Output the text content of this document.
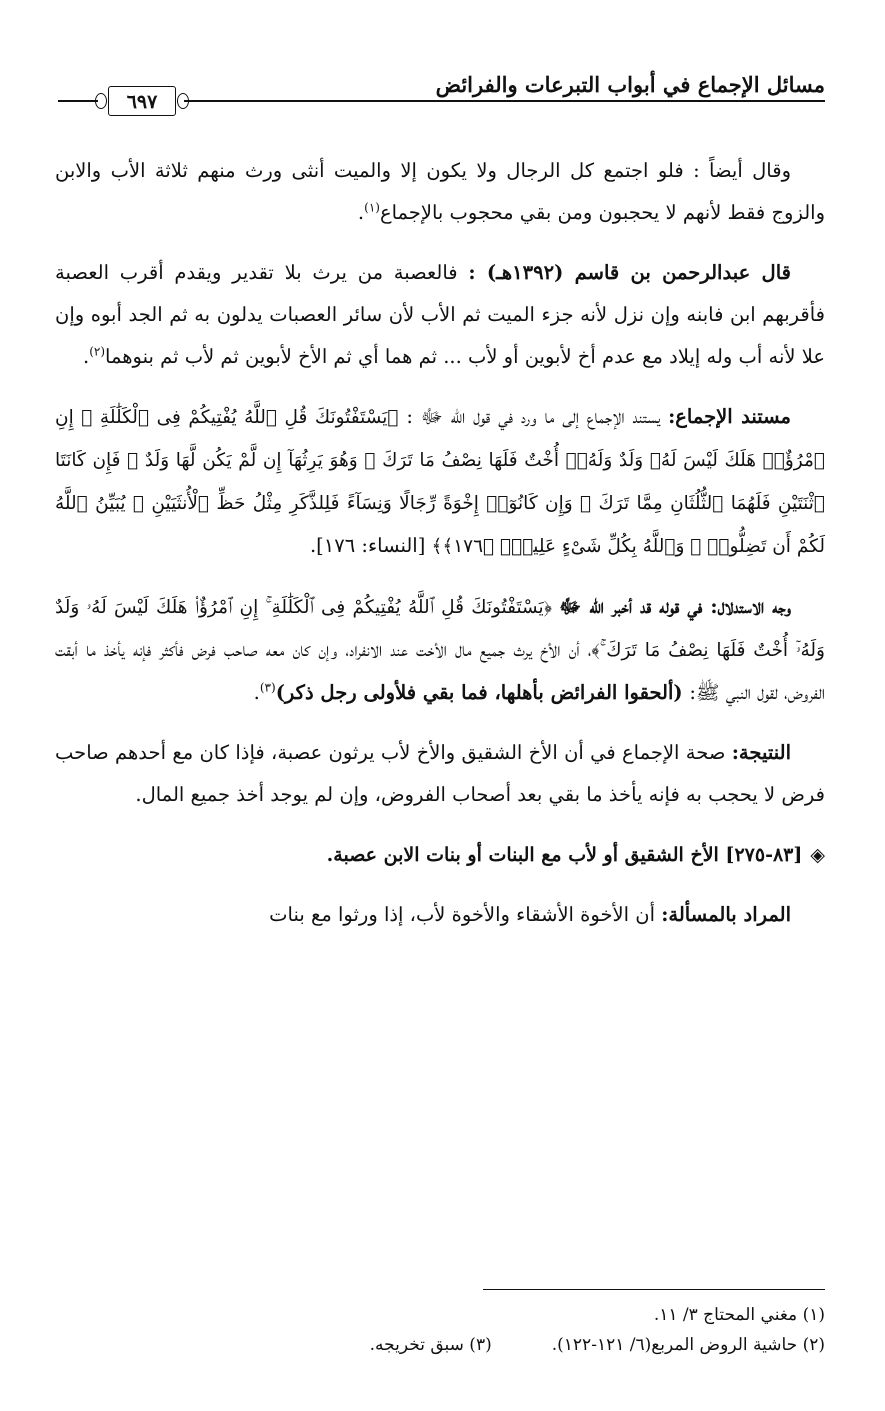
مسائل الإجماع في أبواب التبرعات والفرائض
٦٩٧

وقال أيضاً : فلو اجتمع كل الرجال ولا يكون إلا والميت أنثى ورث منهم ثلاثة الأب والابن والزوج فقط لأنهم لا يحجبون ومن بقي محجوب بالإجماع$^{(١)}$.

قال عبدالرحمن بن قاسم (١٣٩٢هـ) : فالعصبة من يرث بلا تقدير ويقدم أقرب العصبة فأقربهم ابن فابنه وإن نزل لأنه جزء الميت ثم الأب لأن سائر العصبات يدلون به ثم الجد أبوه وإن علا لأنه أب وله إيلاد مع عدم أخ لأبوين أو لأب ... ثم هما أي ثم الأخ لأبوين ثم لأب ثم بنوهما$^{(٢)}$.

مستند الإجماع: يستند الإجماع إلى ما ورد في قول الله ﷻ : ﴿يَسْتَفْتُونَكَ قُلِ ٱللَّهُ يُفْتِيكُمْ فِى ٱلْكَلَٰلَةِ ۚ إِنِ ٱمْرُؤٌا۟ هَلَكَ لَيْسَ لَهُۥ وَلَدٌ وَلَهُۥٓ أُخْتٌ فَلَهَا نِصْفُ مَا تَرَكَ ۚ وَهُوَ يَرِثُهَآ إِن لَّمْ يَكُن لَّهَا وَلَدٌ ۚ فَإِن كَانَتَا ٱثْنَتَيْنِ فَلَهُمَا ٱلثُّلُثَانِ مِمَّا تَرَكَ ۚ وَإِن كَانُوٓا۟ إِخْوَةً رِّجَالًا وَنِسَآءً فَلِلذَّكَرِ مِثْلُ حَظِّ ٱلْأُنثَيَيْنِ ۗ يُبَيِّنُ ٱللَّهُ لَكُمْ أَن تَضِلُّوا۟ ۗ وَٱللَّهُ بِكُلِّ شَىْءٍ عَلِيمٌۢ ﴿١٧٦﴾﴾ [النساء: ١٧٦].

وجه الاستدلال: في قوله قد أخبر الله ﷻ ﴿يَسْتَفْتُونَكَ قُلِ ٱللَّهُ يُفْتِيكُمْ فِى ٱلْكَلَٰلَةِ ۚ إِنِ ٱمْرُؤٌا۟ هَلَكَ لَيْسَ لَهُۥ وَلَدٌ وَلَهُۥٓ أُخْتٌ فَلَهَا نِصْفُ مَا تَرَكَ ۚ﴾، أن الأخ يرث جميع مال الأخت عند الانفراد، وإن كان معه صاحب فرض فأكثر فإنه يأخذ ما أبقت الفروض، لقول النبي ﷺ: (ألحقوا الفرائض بأهلها، فما بقي فلأولى رجل ذكر)$^{(٣)}$.

النتيجة: صحة الإجماع في أن الأخ الشقيق والأخ لأب يرثون عصبة، فإذا كان مع أحدهم صاحب فرض لا يحجب به فإنه يأخذ ما بقي بعد أصحاب الفروض، وإن لم يوجد أخذ جميع المال.

◈[٨٣-٢٧٥] الأخ الشقيق أو لأب مع البنات أو بنات الابن عصبة.

المراد بالمسألة: أن الأخوة الأشقاء والأخوة لأب، إذا ورثوا مع بنات

(١) مغني المحتاج ٣/ ١١.
(٢) حاشية الروض المربع(٦/ ١٢١-١٢٢).
(٣) سبق تخريجه.
